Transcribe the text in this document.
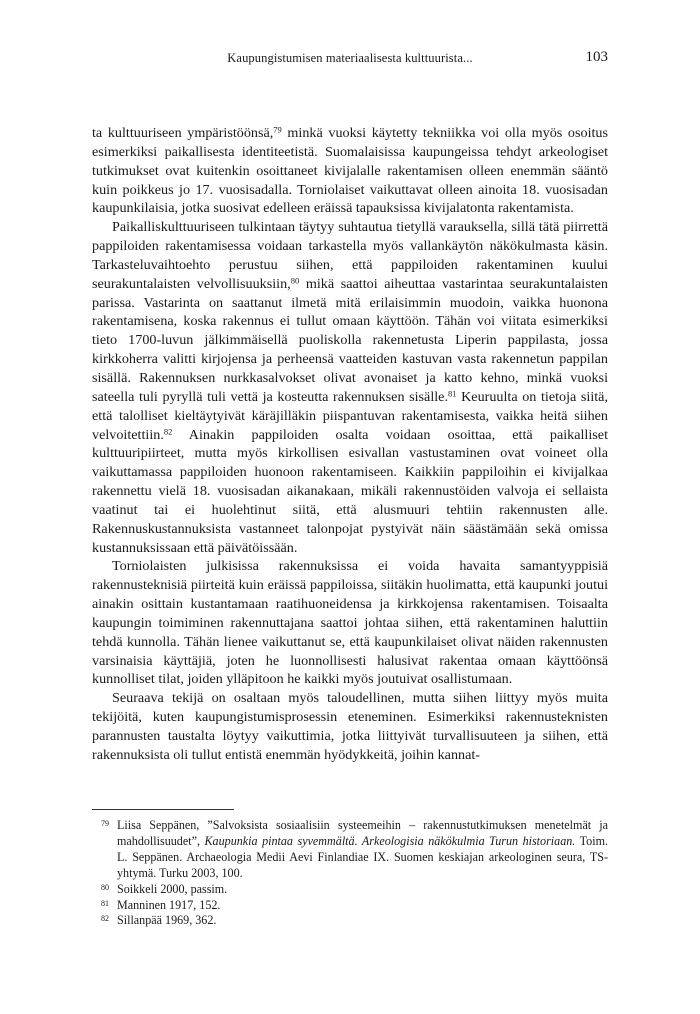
Kaupungistumisen materiaalisesta kulttuurista...	103

ta kulttuuriseen ympäristöönsä,$^{79}$ minkä vuoksi käytetty tekniikka voi olla myös osoitus esimerkiksi paikallisesta identiteetistä. Suomalaisissa kaupungeissa tehdyt arkeologiset tutkimukset ovat kuitenkin osoittaneet kivijalalle rakentamisen olleen enemmän sääntö kuin poikkeus jo 17. vuosisadalla. Torniolaiset vaikuttavat olleen ainoita 18. vuosisadan kaupunkilaisia, jotka suosivat edelleen eräissä tapauksissa kivijalatonta rakentamista.

Paikalliskulttuuriseen tulkintaan täytyy suhtautua tietyllä varauksella, sillä tätä piirrettä pappiloiden rakentamisessa voidaan tarkastella myös vallankäytön näkökulmasta käsin. Tarkasteluvaihtoehto perustuu siihen, että pappiloiden rakentaminen kuului seurakuntalaisten velvollisuuksiin,$^{80}$ mikä saattoi aiheuttaa vastarintaa seurakuntalaisten parissa. Vastarinta on saattanut ilmetä mitä erilaisimmin muodoin, vaikka huonona rakentamisena, koska rakennus ei tullut omaan käyttöön. Tähän voi viitata esimerkiksi tieto 1700-luvun jälkimmäisellä puoliskolla rakennetusta Liperin pappilasta, jossa kirkkoherra valitti kirjojensa ja perheensä vaatteiden kastuvan vasta rakennetun pappilan sisällä. Rakennuksen nurkkasalvokset olivat avonaiset ja katto kehno, minkä vuoksi sateella tuli pyryllä tuli vettä ja kosteutta rakennuksen sisälle.$^{81}$ Keuruulta on tietoja siitä, että talolliset kieltäytyivät käräjilläkin piispantuvan rakentamisesta, vaikka heitä siihen velvoitettiin.$^{82}$ Ainakin pappiloiden osalta voidaan osoittaa, että paikalliset kulttuuripiirteet, mutta myös kirkollisen esivallan vastustaminen ovat voineet olla vaikuttamassa pappiloiden huonoon rakentamiseen. Kaikkiin pappiloihin ei kivijalkaa rakennettu vielä 18. vuosisadan aikanakaan, mikäli rakennustöiden valvoja ei sellaista vaatinut tai ei huolehtinut siitä, että alusmuuri tehtiin rakennusten alle. Rakennuskustannuksista vastanneet talonpojat pystyivät näin säästämään sekä omissa kustannuksissaan että päivätöissään.

Torniolaisten julkisissa rakennuksissa ei voida havaita samantyyppisiä rakennusteknisiä piirteitä kuin eräissä pappiloissa, siitäkin huolimatta, että kaupunki joutui ainakin osittain kustantamaan raatihuoneidensa ja kirkkojensa rakentamisen. Toisaalta kaupungin toimiminen rakennuttajana saattoi johtaa siihen, että rakentaminen haluttiin tehdä kunnolla. Tähän lienee vaikuttanut se, että kaupunkilaiset olivat näiden rakennusten varsinaisia käyttäjiä, joten he luonnollisesti halusivat rakentaa omaan käyttöönsä kunnolliset tilat, joiden ylläpitoon he kaikki myös joutuivat osallistumaan.

Seuraava tekijä on osaltaan myös taloudellinen, mutta siihen liittyy myös muita tekijöitä, kuten kaupungistumisprosessin eteneminen. Esimerkiksi rakennusteknisten parannusten taustalta löytyy vaikuttimia, jotka liittyivät turvallisuuteen ja siihen, että rakennuksista oli tullut entistä enemmän hyödykkeitä, joihin kannat-

79 Liisa Seppänen, ”Salvoksista sosiaalisiin systeemeihin – rakennustutkimuksen menetelmät ja mahdollisuudet”, Kaupunkia pintaa syvemmältä. Arkeologisia näkökulmia Turun historiaan. Toim. L. Seppänen. Archaeologia Medii Aevi Finlandiae IX. Suomen keskiajan arkeologinen seura, TS-yhtymä. Turku 2003, 100.
80 Soikkeli 2000, passim.
81 Manninen 1917, 152.
82 Sillanpää 1969, 362.
